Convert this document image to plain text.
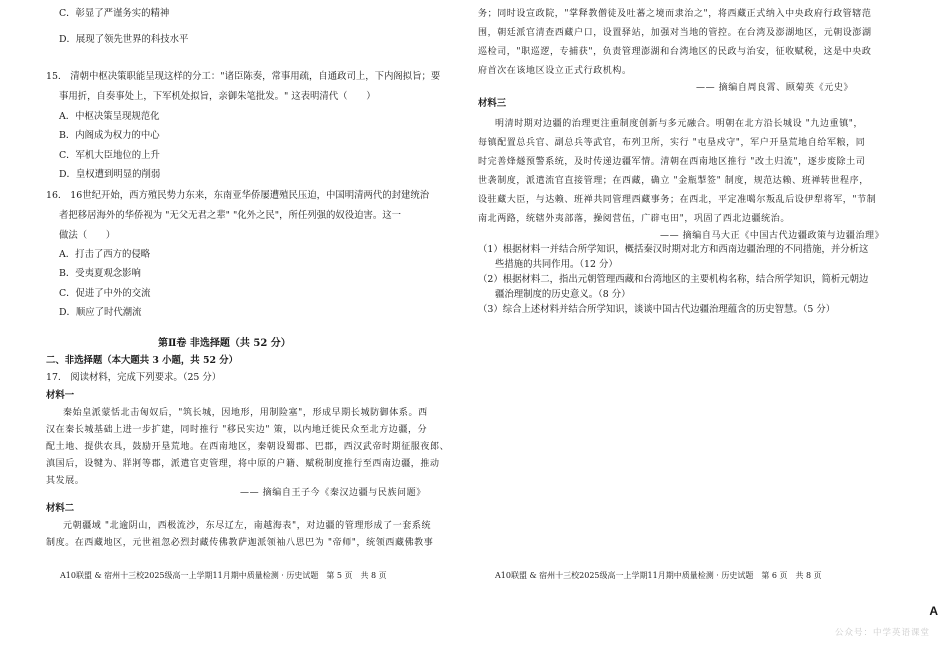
C．彰显了严谨务实的精神
D．展现了领先世界的科技水平
15.　清朝中枢决策职能呈现这样的分工："诸臣陈奏，常事用疏，自通政司上，下内阁拟旨；要
事用折，自奏事处上，下军机处拟旨，亲御朱笔批发。" 这表明清代（　　）
A．中枢决策呈现规范化
B．内阁成为权力的中心
C．军机大臣地位的上升
D．皇权遭到明显的削弱
16.　16世纪开始，西方殖民势力东来，东南亚华侨屡遭殖民压迫，中国明清两代的封建统治
者把移居海外的华侨视为 "无父无君之辈" "化外之民"，所任列强的奴役迫害。这一
做法（　　）
A．打击了西方的侵略
B．受夷夏观念影响
C．促进了中外的交流
D．顺应了时代潮流
第Ⅱ卷 非选择题（共 52 分）
二、非选择题（本大题共 3 小题，共 52 分）
17.　阅读材料，完成下列要求。（25 分）
材料一
秦始皇派蒙恬北击匈奴后，"筑长城，因地形，用制险塞"，形成早期长城防御体系。西
汉在秦长城基础上进一步扩建，同时推行 "移民实边" 策，以内地迁徙民众至北方边疆，分
配土地、提供农具，鼓励开垦荒地。在西南地区，秦朝设蜀郡、巴郡，西汉武帝时期征服夜郎、
滇国后，设犍为、牂牁等郡，派遣官吏管理，将中原的户籍、赋税制度推行至西南边疆，推动
其发展。
—— 摘编自王子今《秦汉边疆与民族问题》
材料二
元朝疆域 "北逾阴山，西极流沙，东尽辽左，南越海表"，对边疆的管理形成了一套系统
制度。在西藏地区，元世祖忽必烈封藏传佛教萨迦派领袖八思巴为 "帝师"，统领西藏佛教事
A10联盟 & 宿州十三校2025级高一上学期11月期中质量检测 · 历史试题　第 5 页　共 8 页
务；同时设宣政院，"掌释教僧徒及吐蕃之境而隶治之"，将西藏正式纳入中央政府行政管辖范
围，朝廷派官清查西藏户口，设置驿站，加强对当地的管控。在台湾及澎湖地区，元朝设澎湖
巡检司，"职巡逻，专捕获"，负责管理澎湖和台湾地区的民政与治安，征收赋税，这是中央政
府首次在该地区设立正式行政机构。
—— 摘编自周良霄、顾菊英《元史》
材料三
明清时期对边疆的治理更注重制度创新与多元融合。明朝在北方沿长城设 "九边重镇"，
每镇配置总兵官、副总兵等武官，布列卫所，实行 "屯垦戍守"，军户开垦荒地自给军粮，同
时完善烽燧预警系统，及时传递边疆军情。清朝在西南地区推行 "改土归流"，逐步废除土司
世袭制度，派遣流官直接管理；在西藏，确立 "金瓶掣签" 制度，规范达赖、班禅转世程序，
设驻藏大臣，与达赖、班禅共同管理西藏事务；在西北，平定准噶尔叛乱后设伊犁将军，"节制
南北两路，统辖外夷部落，操阅营伍，广辟屯田"，巩固了西北边疆统治。
—— 摘编自马大正《中国古代边疆政策与边疆治理》
（1）根据材料一并结合所学知识，概括秦汉时期对北方和西南边疆治理的不同措施，并分析这
些措施的共同作用。（12 分）
（2）根据材料二，指出元朝管理西藏和台湾地区的主要机构名称，结合所学知识，简析元朝边
疆治理制度的历史意义。（8 分）
（3）综合上述材料并结合所学知识，谈谈中国古代边疆治理蕴含的历史智慧。（5 分）
A10联盟 & 宿州十三校2025级高一上学期11月期中质量检测 · 历史试题　第 6 页　共 8 页
A
公众号：中学英语课堂
